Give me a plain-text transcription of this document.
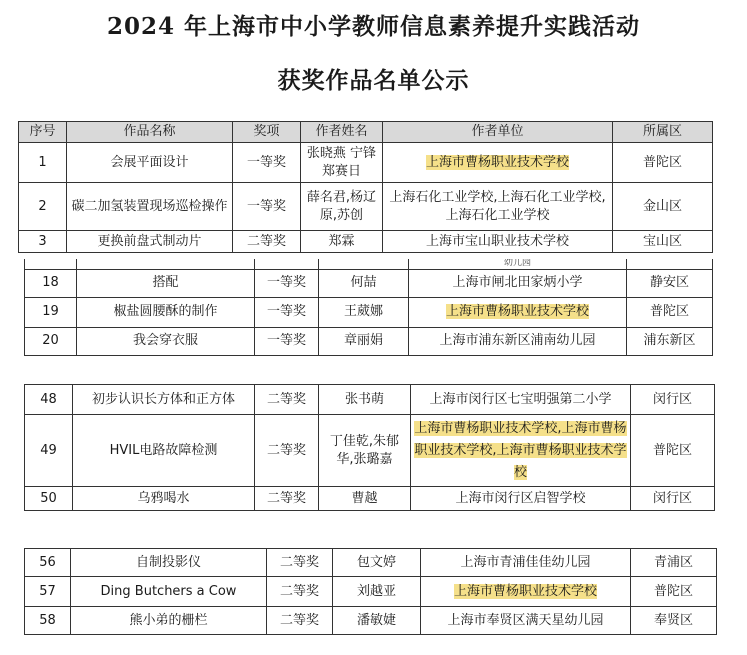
2024 年上海市中小学教师信息素养提升实践活动
获奖作品名单公示
序号	作品名称	奖项	作者姓名	作者单位	所属区
1	会展平面设计	一等奖	张晓燕 宁锋 郑赛日	上海市曹杨职业技术学校	普陀区
2	碳二加氢装置现场巡检操作	一等奖	薛名君,杨辽原,苏创	上海石化工业学校,上海石化工业学校,上海石化工业学校	金山区
3	更换前盘式制动片	二等奖	郑霖	上海市宝山职业技术学校	宝山区
				幼儿园	
18	搭配	一等奖	何喆	上海市闸北田家炳小学	静安区
19	椒盐圆腰酥的制作	一等奖	王葳娜	上海市曹杨职业技术学校	普陀区
20	我会穿衣服	一等奖	章丽娟	上海市浦东新区浦南幼儿园	浦东新区
48	初步认识长方体和正方体	二等奖	张书萌	上海市闵行区七宝明强第二小学	闵行区
49	HVIL电路故障检测	二等奖	丁佳乾,朱郁华,张璐嘉	上海市曹杨职业技术学校,上海市曹杨职业技术学校,上海市曹杨职业技术学校	普陀区
50	乌鸦喝水	二等奖	曹越	上海市闵行区启智学校	闵行区
56	自制投影仪	二等奖	包文婷	上海市青浦佳佳幼儿园	青浦区
57	Ding Butchers a Cow	二等奖	刘越亚	上海市曹杨职业技术学校	普陀区
58	熊小弟的栅栏	二等奖	潘敏婕	上海市奉贤区满天星幼儿园	奉贤区
